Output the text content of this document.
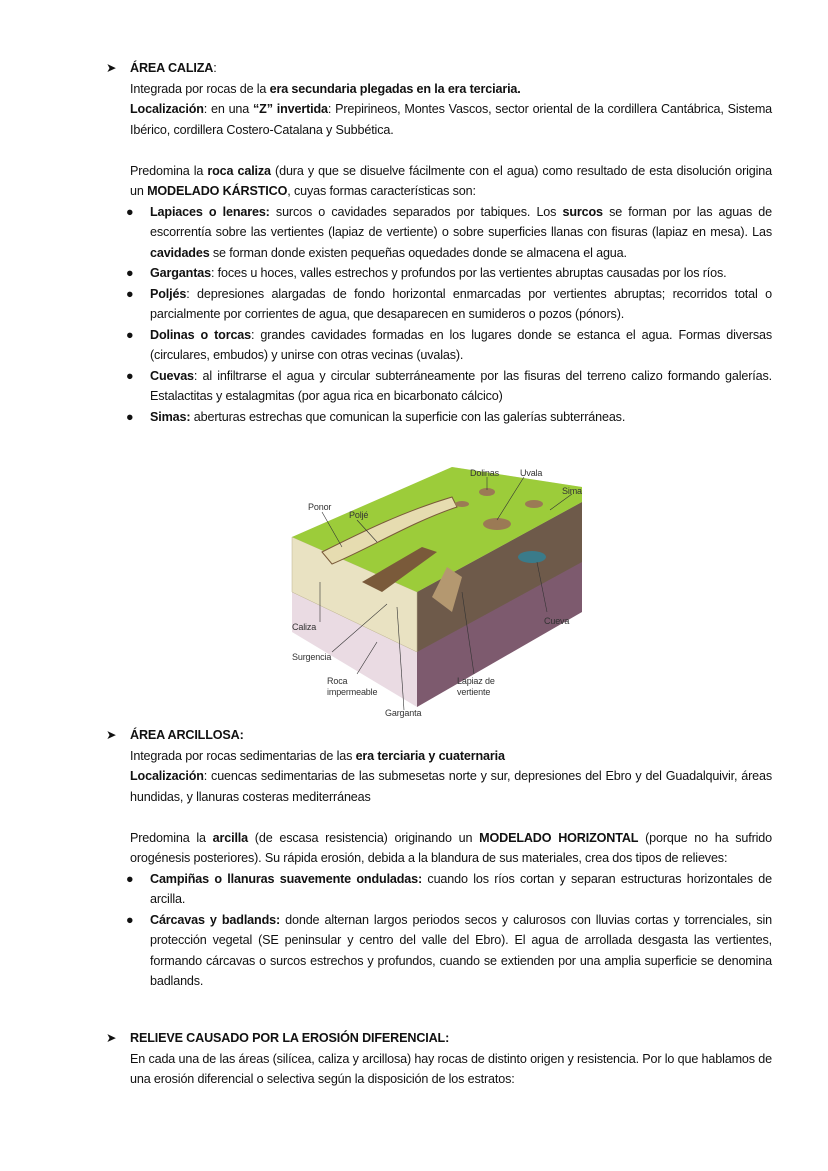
➤ ÁREA CALIZA:

Integrada por rocas de la era secundaria plegadas en la era terciaria.

Localización: en una “Z” invertida: Prepirineos, Montes Vascos, sector oriental de la cordillera Cantábrica, Sistema Ibérico, cordillera Costero-Catalana y Subbética.

Predomina la roca caliza (dura y que se disuelve fácilmente con el agua) como resultado de esta disolución origina un MODELADO KÁRSTICO, cuyas formas características son:

● Lapiaces o lenares: surcos o cavidades separados por tabiques. Los surcos se forman por las aguas de escorrentía sobre las vertientes (lapiaz de vertiente) o sobre superficies llanas con fisuras (lapiaz en mesa). Las cavidades se forman donde existen pequeñas oquedades donde se almacena el agua.
● Gargantas: foces u hoces, valles estrechos y profundos por las vertientes abruptas causadas por los ríos.
● Poljés: depresiones alargadas de fondo horizontal enmarcadas por vertientes abruptas; recorridos total o parcialmente por corrientes de agua, que desaparecen en sumideros o pozos (pónors).
● Dolinas o torcas: grandes cavidades formadas en los lugares donde se estanca el agua. Formas diversas (circulares, embudos) y unirse con otras vecinas (uvalas).
● Cuevas: al infiltrarse el agua y circular subterráneamente por las fisuras del terreno calizo formando galerías. Estalactitas y estalagmitas (por agua rica en bicarbonato cálcico)
● Simas: aberturas estrechas que comunican la superficie con las galerías subterráneas.
Dolinas Uvala
Sima
Ponor
Poljé
Caliza
Cueva
Surgencia
Roca
impermeable
Lapiaz de
vertiente
Garganta
➤ ÁREA ARCILLOSA:

Integrada por rocas sedimentarias de las era terciaria y cuaternaria

Localización: cuencas sedimentarias de las submesetas norte y sur, depresiones del Ebro y del Guadalquivir, áreas hundidas, y llanuras costeras mediterráneas

Predomina la arcilla (de escasa resistencia) originando un MODELADO HORIZONTAL (porque no ha sufrido orogénesis posteriores). Su rápida erosión, debida a la blandura de sus materiales, crea dos tipos de relieves:

● Campiñas o llanuras suavemente onduladas: cuando los ríos cortan y separan estructuras horizontales de arcilla.
● Cárcavas y badlands: donde alternan largos periodos secos y calurosos con lluvias cortas y torrenciales, sin protección vegetal (SE peninsular y centro del valle del Ebro). El agua de arrollada desgasta las vertientes, formando cárcavas o surcos estrechos y profundos, cuando se extienden por una amplia superficie se denomina badlands.
➤ RELIEVE CAUSADO POR LA EROSIÓN DIFERENCIAL:

En cada una de las áreas (silícea, caliza y arcillosa) hay rocas de distinto origen y resistencia. Por lo que hablamos de una erosión diferencial o selectiva según la disposición de los estratos:
